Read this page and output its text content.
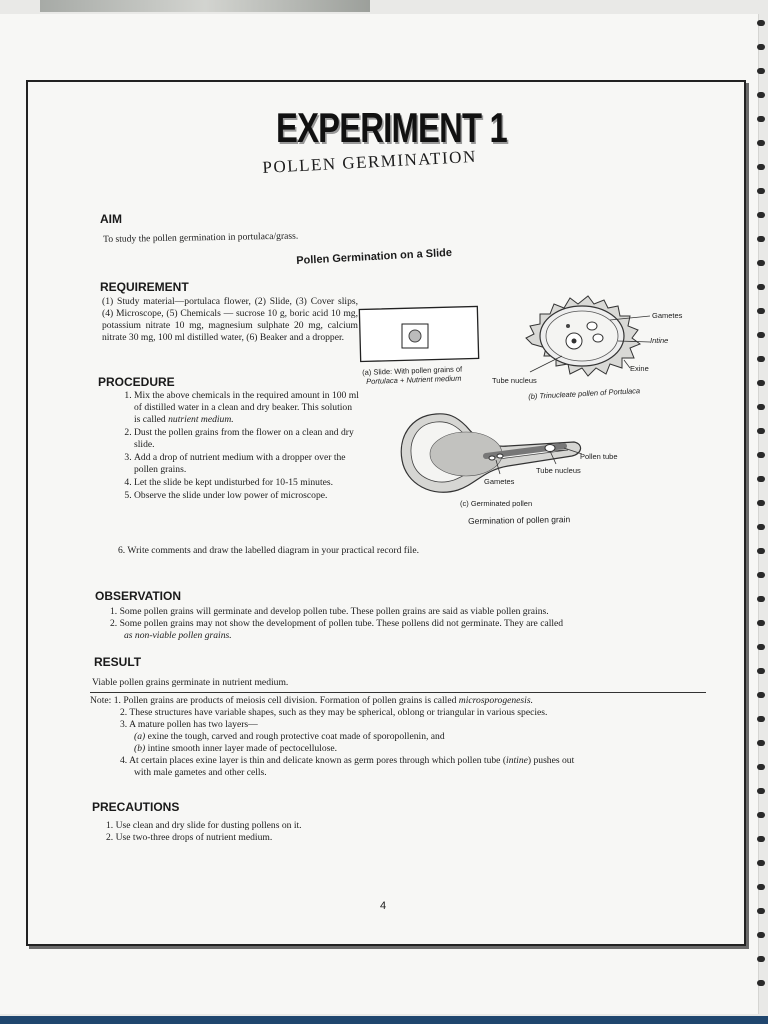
EXPERIMENT 1
POLLEN GERMINATION
AIM
To study the pollen germination in portulaca/grass.
Pollen Germination on a Slide
REQUIREMENT
(1) Study material—portulaca flower, (2) Slide, (3) Cover slips, (4) Microscope, (5) Chemicals — sucrose 10 g, boric acid 10 mg, potassium nitrate 10 mg, magnesium sulphate 20 mg, calcium nitrate 30 mg, 100 ml distilled water, (6) Beaker and a dropper.
PROCEDURE
1. Mix the above chemicals in the required amount in 100 ml of distilled water in a clean and dry beaker. This solution is called nutrient medium.
2. Dust the pollen grains from the flower on a clean and dry slide.
3. Add a drop of nutrient medium with a dropper over the pollen grains.
4. Let the slide be kept undisturbed for 10-15 minutes.
5. Observe the slide under low power of microscope.
6. Write comments and draw the labelled diagram in your practical record file.
(a) Slide: With pollen grains of
Portulaca + Nutrient medium
Gametes
Intine
Exine
Tube nucleus
(b) Trinucleate pollen of Portulaca
Pollen tube
Tube nucleus
Gametes
(c) Germinated pollen
Germination of pollen grain
OBSERVATION
1. Some pollen grains will germinate and develop pollen tube. These pollen grains are said as viable pollen grains.
2. Some pollen grains may not show the development of pollen tube. These pollens did not germinate. They are called
as non-viable pollen grains.
RESULT
Viable pollen grains germinate in nutrient medium.
Note: 1. Pollen grains are products of meiosis cell division. Formation of pollen grains is called microsporogenesis.
2. These structures have variable shapes, such as they may be spherical, oblong or triangular in various species.
3. A mature pollen has two layers—
(a) exine the tough, carved and rough protective coat made of sporopollenin, and
(b) intine smooth inner layer made of pectocellulose.
4. At certain places exine layer is thin and delicate known as germ pores through which pollen tube (intine) pushes out
with male gametes and other cells.
PRECAUTIONS
1. Use clean and dry slide for dusting pollens on it.
2. Use two-three drops of nutrient medium.
4
